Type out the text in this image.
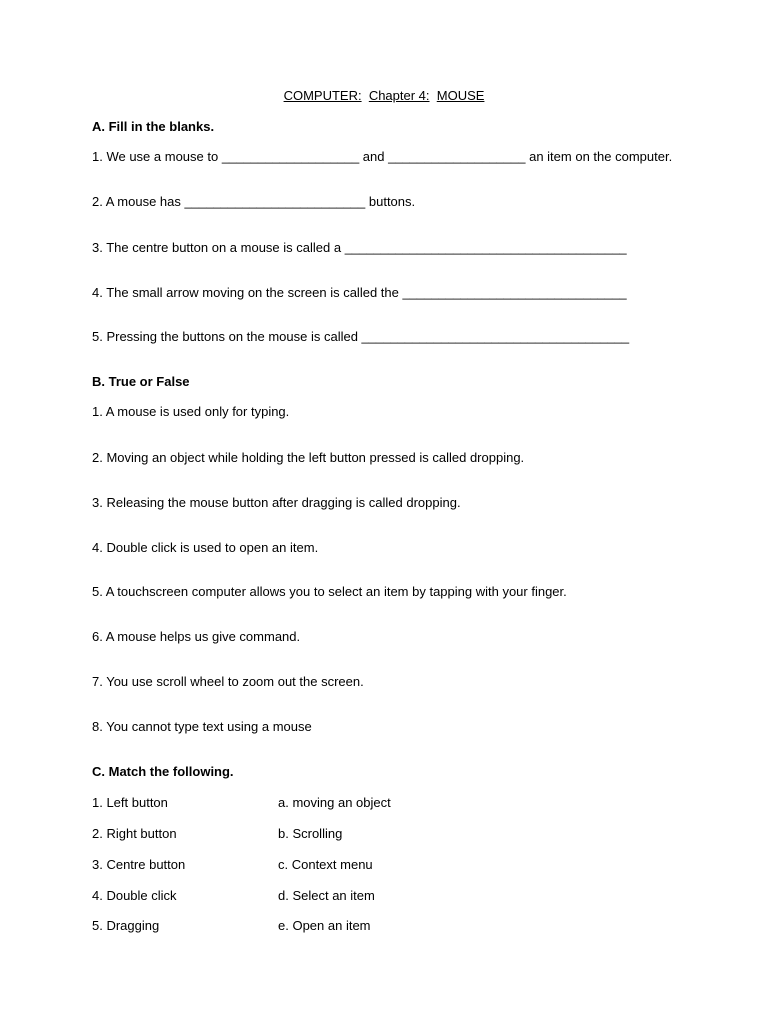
COMPUTER: Chapter 4: MOUSE
A. Fill in the blanks.
1. We use a mouse to ___________________ and ___________________ an item on the computer.
2. A mouse has _________________________ buttons.
3. The centre button on a mouse is called a _______________________________________
4. The small arrow moving on the screen is called the _______________________________
5. Pressing the buttons on the mouse is called _____________________________________
B. True or False
1. A mouse is used only for typing.
2. Moving an object while holding the left button pressed is called dropping.
3. Releasing the mouse button after dragging is called dropping.
4. Double click is used to open an item.
5. A touchscreen computer allows you to select an item by tapping with your finger.
6. A mouse helps us give command.
7. You use scroll wheel to zoom out the screen.
8. You cannot type text using a mouse
C. Match the following.
1. Left button	a. moving an object
2. Right button	b. Scrolling
3. Centre button	c. Context menu
4. Double click	d. Select an item
5. Dragging	e. Open an item
